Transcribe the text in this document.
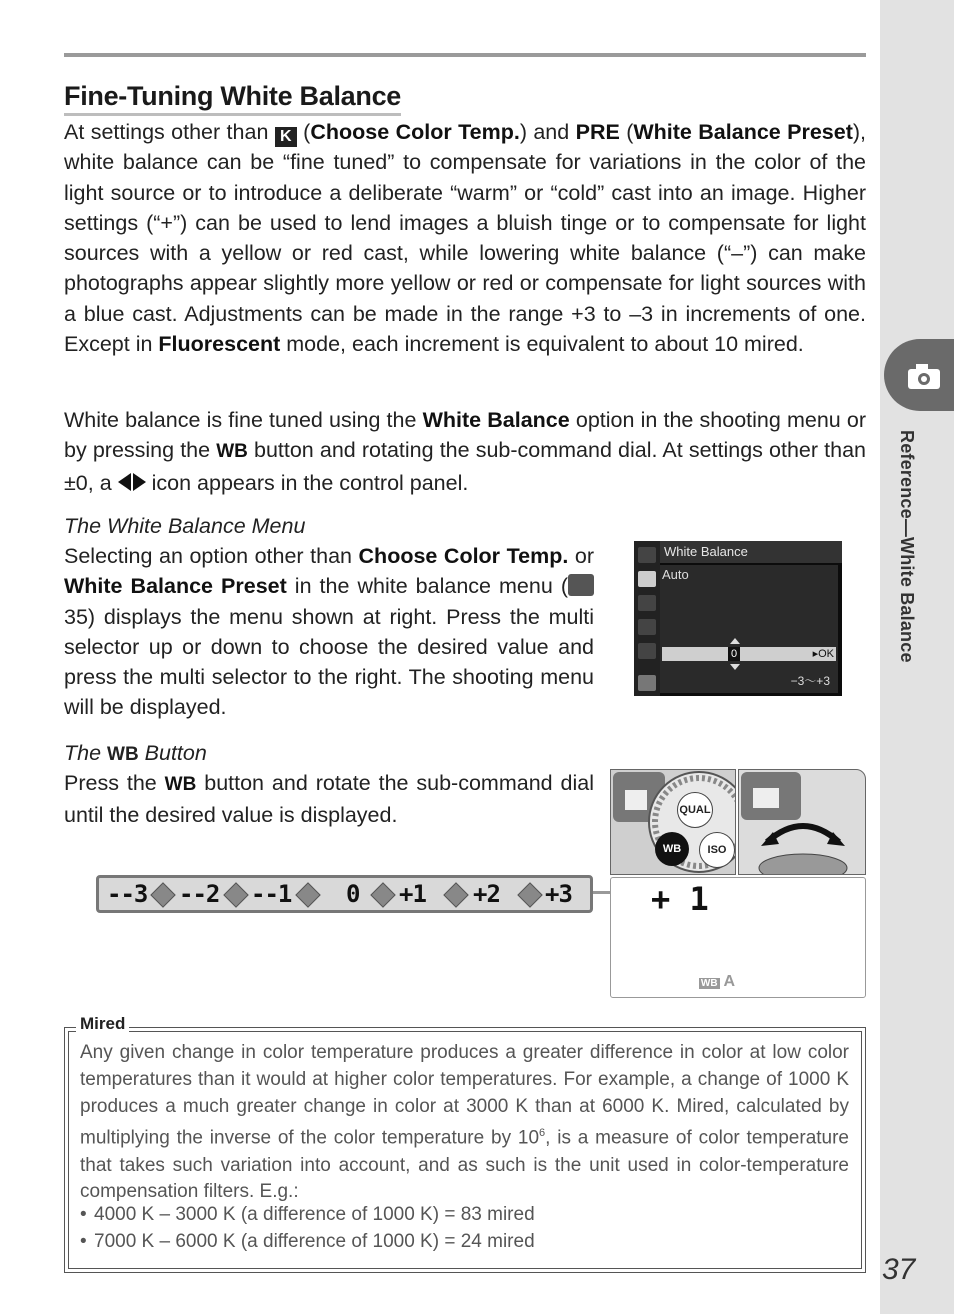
Reference—White Balance
37
Fine-Tuning White Balance

At settings other than K (Choose Color Temp.) and PRE (White Balance Preset), white balance can be “fine tuned” to compensate for variations in the color of the light source or to introduce a deliberate “warm” or “cold” cast into an image. Higher settings (“+”) can be used to lend images a bluish tinge or to compensate for light sources with a yellow or red cast, while lowering white balance (“–”) can make photographs appear slightly more yellow or red or compensate for light sources with a blue cast. Adjustments can be made in the range +3 to –3 in increments of one. Except in Fluorescent mode, each increment is equivalent to about 10 mired.

White balance is fine tuned using the White Balance option in the shooting menu or by pressing the WB button and rotating the sub-command dial. At settings other than ±0, a  icon appears in the control panel.

The White Balance Menu

Selecting an option other than Choose Color Temp. or White Balance Preset in the white balance menu ( 35) displays the menu shown at right. Press the multi selector up or down to choose the desired value and press the multi selector to the right. The shooting menu will be displayed.

White Balance
Auto
0	▸OK
−3～+3
The WB Button

Press the WB button and rotate the sub-command dial until the desired value is displayed.	QUAL
WB	ISO
--3 --2 --1 0 +1 +2 +3 + 1
WB A
Mired

Any given change in color temperature produces a greater difference in color at low color temperatures than it would at higher color temperatures. For example, a change of 1000 K produces a much greater change in color at 3000 K than at 6000 K. Mired, calculated by multiplying the inverse of the color temperature by $10^6$, is a measure of color temperature that takes such variation into account, and as such is the unit used in color-temperature compensation filters. E.g.:

• 4000 K – 3000 K (a difference of 1000 K) = 83 mired
• 7000 K – 6000 K (a difference of 1000 K) = 24 mired
